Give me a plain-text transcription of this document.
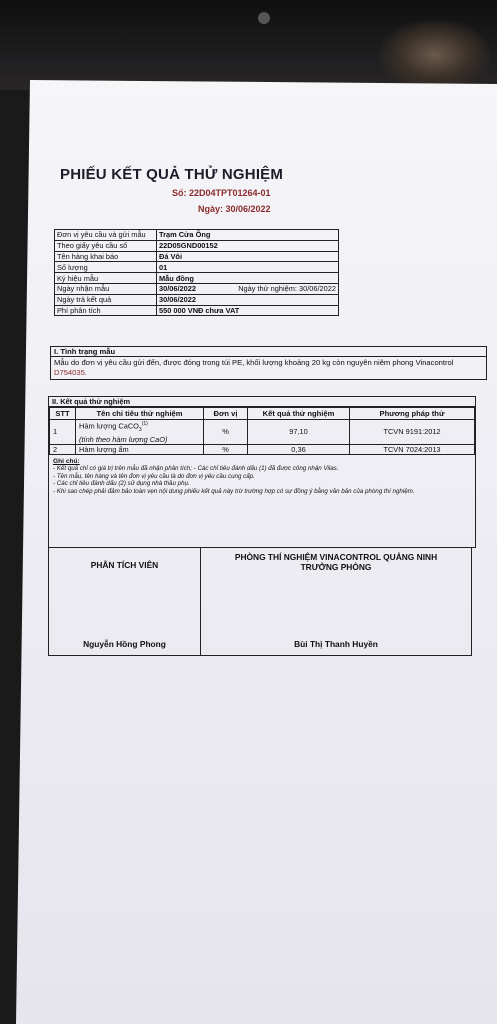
PHIẾU KẾT QUẢ THỬ NGHIỆM
Số: 22D04TPT01264-01
Ngày: 30/06/2022
Đơn vị yêu cầu và gửi mẫu	Trạm Cửa Ông
Theo giấy yêu cầu số	22D05GND00152
Tên hàng khai báo	Đá Vôi
Số lượng	01
Ký hiệu mẫu	Mẫu đồng
Ngày nhận mẫu	30/06/2022 Ngày thử nghiệm: 30/06/2022

Ngày trả kết quả	30/06/2022
Phí phân tích	550 000 VNĐ chưa VAT
I. Tình trạng mẫu
Mẫu do đơn vị yêu cầu gửi đến, được đóng trong túi PE, khối lượng khoảng 20 kg còn nguyên niêm phong Vinacontrol D754035.
II. Kết quả thử nghiệm
STT	Tên chỉ tiêu thử nghiệm	Đơn vị	Kết quả thử nghiệm	Phương pháp thử
1	Hàm lượng CaCO$_3^{(1)}$
(tính theo hàm lượng CaO)	%	97,10	TCVN 9191:2012
2	Hàm lượng ẩm	%	0,36	TCVN 7024:2013
Ghi chú:
- Kết quả chỉ có giá trị trên mẫu đã nhận phân tích; - Các chỉ tiêu đánh dấu (1) đã được công nhận Vilas.
- Tên mẫu, tên hàng và tên đơn vị yêu cầu là do đơn vị yêu cầu cung cấp.
- Các chỉ tiêu đánh dấu (2) sử dụng nhà thầu phụ.
- Khi sao chép phải đảm bảo toàn vẹn nội dung phiếu kết quả này trừ trường hợp có sự đồng ý bằng văn bản của phòng thí nghiệm.
PHÂN TÍCH VIÊN
Nguyễn Hồng Phong
PHÒNG THÍ NGHIỆM VINACONTROL QUẢNG NINH
TRƯỞNG PHÒNG
Bùi Thị Thanh Huyền
